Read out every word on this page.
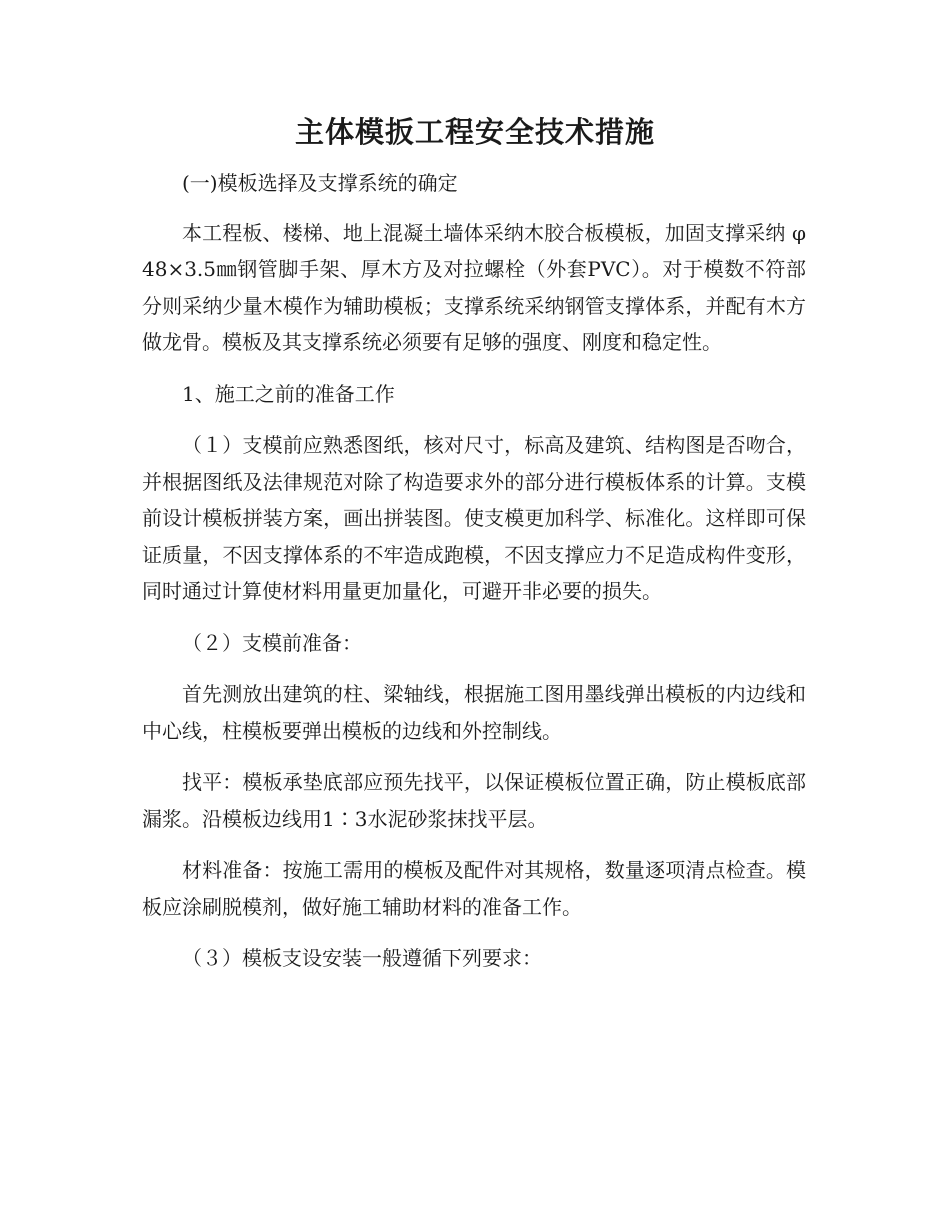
主体模扳工程安全技术措施

(一)模板选择及支撑系统的确定

本工程板、楼梯、地上混凝土墙体采纳木胶合板模板，加固支撑采纳 φ48×3.5㎜钢管脚手架、厚木方及对拉螺栓（外套PVC）。对于模数不符部分则采纳少量木模作为辅助模板；支撑系统采纳钢管支撑体系，并配有木方做龙骨。模板及其支撑系统必须要有足够的强度、刚度和稳定性。

1、施工之前的准备工作

（１）支模前应熟悉图纸，核对尺寸，标高及建筑、结构图是否吻合，并根据图纸及法律规范对除了构造要求外的部分进行模板体系的计算。支模前设计模板拼装方案，画出拼装图。使支模更加科学、标准化。这样即可保证质量，不因支撑体系的不牢造成跑模，不因支撑应力不足造成构件变形，同时通过计算使材料用量更加量化，可避开非必要的损失。

（２）支模前准备：

首先测放出建筑的柱、梁轴线，根据施工图用墨线弹出模板的内边线和中心线，柱模板要弹出模板的边线和外控制线。

找平：模板承垫底部应预先找平，以保证模板位置正确，防止模板底部漏浆。沿模板边线用1∶3水泥砂浆抹找平层。

材料准备：按施工需用的模板及配件对其规格，数量逐项清点检查。模板应涂刷脱模剂，做好施工辅助材料的准备工作。

（３）模板支设安装一般遵循下列要求：
